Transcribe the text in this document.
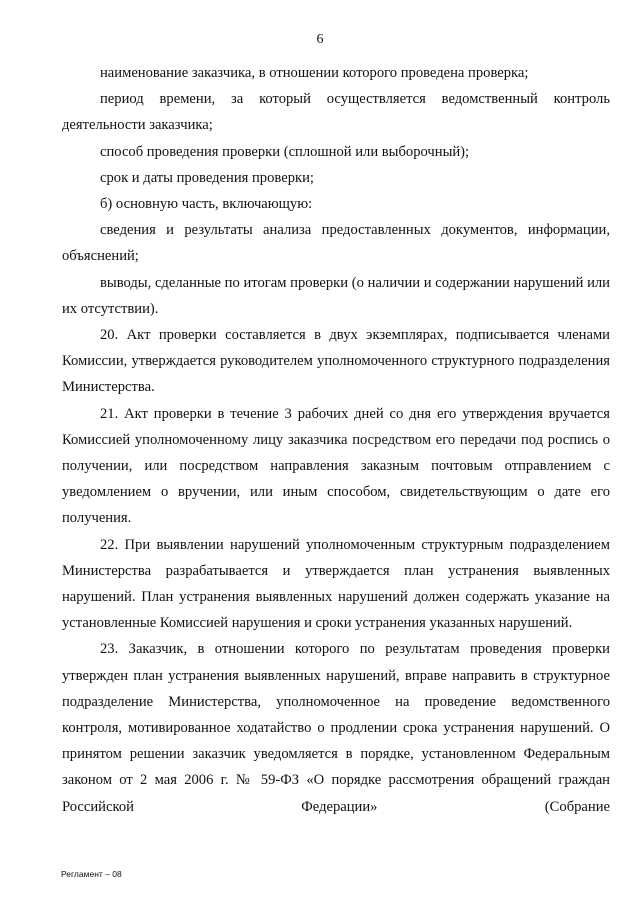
6

наименование заказчика, в отношении которого проведена проверка;

период времени, за который осуществляется ведомственный контроль деятельности заказчика;

способ проведения проверки (сплошной или выборочный);

срок и даты проведения проверки;

б) основную часть, включающую:

сведения и результаты анализа предоставленных документов, информации, объяснений;

выводы, сделанные по итогам проверки (о наличии и содержании нарушений или их отсутствии).

20. Акт проверки составляется в двух экземплярах, подписывается членами Комиссии, утверждается руководителем уполномоченного структурного подразделения Министерства.

21. Акт проверки в течение 3 рабочих дней со дня его утверждения вручается Комиссией уполномоченному лицу заказчика посредством его передачи под роспись о получении, или посредством направления заказным почтовым отправлением с уведомлением о вручении, или иным способом, свидетельствующим о дате его получения.

22. При выявлении нарушений уполномоченным структурным подразделением Министерства разрабатывается и утверждается план устранения выявленных нарушений. План устранения выявленных нарушений должен содержать указание на установленные Комиссией нарушения и сроки устранения указанных нарушений.

23. Заказчик, в отношении которого по результатам проведения проверки утвержден план устранения выявленных нарушений, вправе направить в структурное подразделение Министерства, уполномоченное на проведение ведомственного контроля, мотивированное ходатайство о продлении срока устранения нарушений. О принятом решении заказчик уведомляется в порядке, установленном Федеральным законом от 2 мая 2006 г. № 59-ФЗ «О порядке рассмотрения обращений граждан Российской Федерации» (Собрание

Регламент – 08
